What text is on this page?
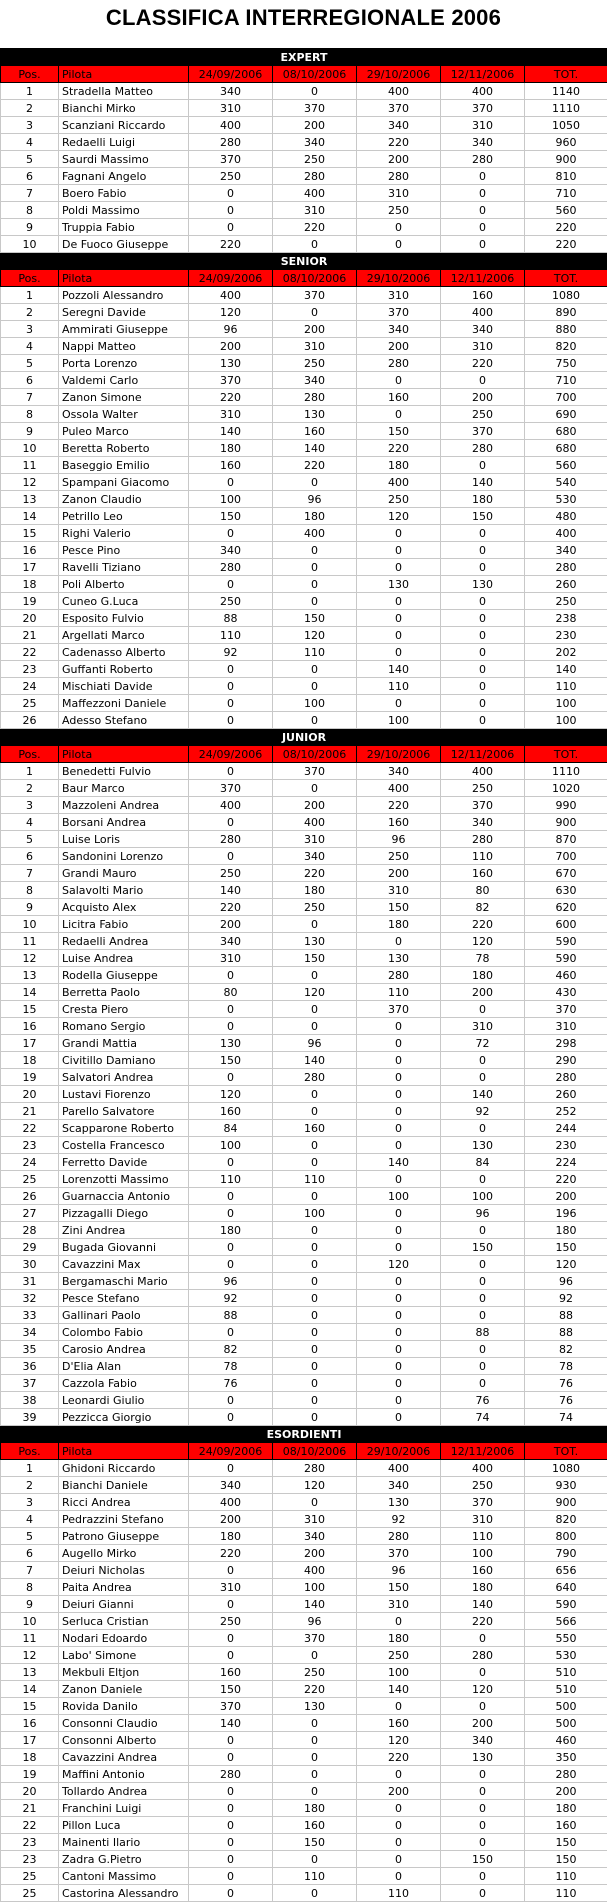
CLASSIFICA INTERREGIONALE 2006
EXPERT						
Pos.	Pilota	24/09/2006	08/10/2006	29/10/2006	12/11/2006	TOT.
1	Stradella Matteo	340	0	400	400	1140
2	Bianchi Mirko	310	370	370	370	1110
3	Scanziani Riccardo	400	200	340	310	1050
4	Redaelli Luigi	280	340	220	340	960
5	Saurdi Massimo	370	250	200	280	900
6	Fagnani Angelo	250	280	280	0	810
7	Boero Fabio	0	400	310	0	710
8	Poldi Massimo	0	310	250	0	560
9	Truppia Fabio	0	220	0	0	220
10	De Fuoco Giuseppe	220	0	0	0	220
SENIOR						
Pos.	Pilota	24/09/2006	08/10/2006	29/10/2006	12/11/2006	TOT.
1	Pozzoli Alessandro	400	370	310	160	1080
2	Seregni Davide	120	0	370	400	890
3	Ammirati Giuseppe	96	200	340	340	880
4	Nappi Matteo	200	310	200	310	820
5	Porta Lorenzo	130	250	280	220	750
6	Valdemi Carlo	370	340	0	0	710
7	Zanon Simone	220	280	160	200	700
8	Ossola Walter	310	130	0	250	690
9	Puleo Marco	140	160	150	370	680
10	Beretta Roberto	180	140	220	280	680
11	Baseggio Emilio	160	220	180	0	560
12	Spampani Giacomo	0	0	400	140	540
13	Zanon Claudio	100	96	250	180	530
14	Petrillo Leo	150	180	120	150	480
15	Righi Valerio	0	400	0	0	400
16	Pesce Pino	340	0	0	0	340
17	Ravelli Tiziano	280	0	0	0	280
18	Poli Alberto	0	0	130	130	260
19	Cuneo G.Luca	250	0	0	0	250
20	Esposito Fulvio	88	150	0	0	238
21	Argellati Marco	110	120	0	0	230
22	Cadenasso Alberto	92	110	0	0	202
23	Guffanti Roberto	0	0	140	0	140
24	Mischiati Davide	0	0	110	0	110
25	Maffezzoni Daniele	0	100	0	0	100
26	Adesso Stefano	0	0	100	0	100
JUNIOR						
Pos.	Pilota	24/09/2006	08/10/2006	29/10/2006	12/11/2006	TOT.
1	Benedetti Fulvio	0	370	340	400	1110
2	Baur Marco	370	0	400	250	1020
3	Mazzoleni Andrea	400	200	220	370	990
4	Borsani Andrea	0	400	160	340	900
5	Luise Loris	280	310	96	280	870
6	Sandonini Lorenzo	0	340	250	110	700
7	Grandi Mauro	250	220	200	160	670
8	Salavolti Mario	140	180	310	80	630
9	Acquisto Alex	220	250	150	82	620
10	Licitra Fabio	200	0	180	220	600
11	Redaelli Andrea	340	130	0	120	590
12	Luise Andrea	310	150	130	78	590
13	Rodella Giuseppe	0	0	280	180	460
14	Berretta Paolo	80	120	110	200	430
15	Cresta Piero	0	0	370	0	370
16	Romano Sergio	0	0	0	310	310
17	Grandi Mattia	130	96	0	72	298
18	Civitillo Damiano	150	140	0	0	290
19	Salvatori Andrea	0	280	0	0	280
20	Lustavi Fiorenzo	120	0	0	140	260
21	Parello Salvatore	160	0	0	92	252
22	Scapparone Roberto	84	160	0	0	244
23	Costella Francesco	100	0	0	130	230
24	Ferretto Davide	0	0	140	84	224
25	Lorenzotti Massimo	110	110	0	0	220
26	Guarnaccia Antonio	0	0	100	100	200
27	Pizzagalli Diego	0	100	0	96	196
28	Zini Andrea	180	0	0	0	180
29	Bugada Giovanni	0	0	0	150	150
30	Cavazzini Max	0	0	120	0	120
31	Bergamaschi Mario	96	0	0	0	96
32	Pesce Stefano	92	0	0	0	92
33	Gallinari Paolo	88	0	0	0	88
34	Colombo Fabio	0	0	0	88	88
35	Carosio Andrea	82	0	0	0	82
36	D'Elia Alan	78	0	0	0	78
37	Cazzola Fabio	76	0	0	0	76
38	Leonardi Giulio	0	0	0	76	76
39	Pezzicca Giorgio	0	0	0	74	74
ESORDIENTI						
Pos.	Pilota	24/09/2006	08/10/2006	29/10/2006	12/11/2006	TOT.
1	Ghidoni Riccardo	0	280	400	400	1080
2	Bianchi Daniele	340	120	340	250	930
3	Ricci Andrea	400	0	130	370	900
4	Pedrazzini Stefano	200	310	92	310	820
5	Patrono Giuseppe	180	340	280	110	800
6	Augello Mirko	220	200	370	100	790
7	Deiuri Nicholas	0	400	96	160	656
8	Paita Andrea	310	100	150	180	640
9	Deiuri Gianni	0	140	310	140	590
10	Serluca Cristian	250	96	0	220	566
11	Nodari Edoardo	0	370	180	0	550
12	Labo' Simone	0	0	250	280	530
13	Mekbuli Eltjon	160	250	100	0	510
14	Zanon Daniele	150	220	140	120	510
15	Rovida Danilo	370	130	0	0	500
16	Consonni Claudio	140	0	160	200	500
17	Consonni Alberto	0	0	120	340	460
18	Cavazzini Andrea	0	0	220	130	350
19	Maffini Antonio	280	0	0	0	280
20	Tollardo Andrea	0	0	200	0	200
21	Franchini Luigi	0	180	0	0	180
22	Pillon Luca	0	160	0	0	160
23	Mainenti Ilario	0	150	0	0	150
23	Zadra G.Pietro	0	0	0	150	150
25	Cantoni Massimo	0	110	0	0	110
25	Castorina Alessandro	0	0	110	0	110
